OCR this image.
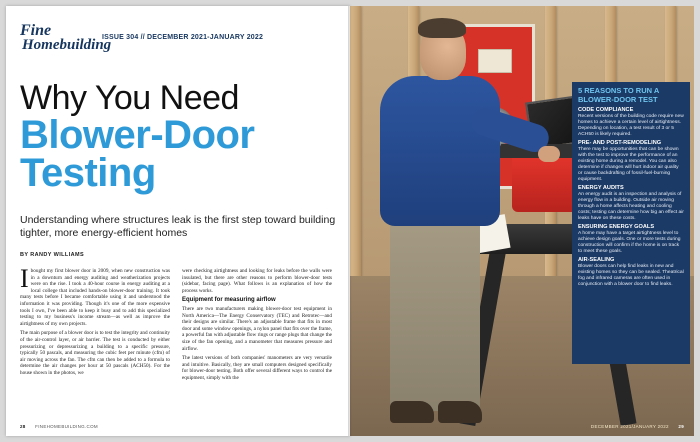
Fine
Homebuilding
ISSUE 304 // DECEMBER 2021-JANUARY 2022
Why You Need
Blower-Door
Testing

Understanding where structures leak is the first step toward building tighter, more energy-efficient homes

BY RANDY WILLIAMS

I bought my first blower door in 2009, when new construction was in a downturn and energy auditing and weatherization projects were on the rise. I took a 40-hour course in energy auditing at a local college that included hands-on blower-door training. It took many tests before I became comfortable using it and understood the information it was providing. Though it's one of the more expensive tools I own, I've been able to keep it busy and to add this specialized testing to my business's income stream—as well as improve the airtightness of my own projects.

The main purpose of a blower door is to test the integrity and continuity of the air-control layer, or air barrier. The test is conducted by either pressurizing or depressurizing a building to a specific pressure, typically 50 pascals, and measuring the cubic feet per minute (cfm) of air moving across the fan. The cfm can then be added to a formula to determine the air changes per hour at 50 pascals (ACH50). For the house shown in the photos, we

were checking airtightness and looking for leaks before the walls were insulated, but there are other reasons to perform blower-door tests (sidebar, facing page). What follows is an explanation of how the process works.

Equipment for measuring airflow

There are two manufacturers making blower-door test equipment in North America—The Energy Conservatory (TEC) and Retrotec—and their designs are similar. There's an adjustable frame that fits in most door and some window openings, a nylon panel that fits over the frame, a powerful fan with adjustable flow rings or range plugs that change the size of the fan opening, and a manometer that measures pressure and airflow.

The latest versions of both companies' manometers are very versatile and intuitive. Basically, they are small computers designed specifically for blower-door testing. Both offer several different ways to control the equipment, simply with the

28 FINEHOMEBUILDING.COM
5 REASONS TO RUN A BLOWER-DOOR TEST
CODE COMPLIANCE
Recent versions of the building code require new homes to achieve a certain level of airtightness. Depending on location, a test result of 3 or 5 ACH50 is likely required.
PRE- AND POST-REMODELING
There may be opportunities that can be shown with the test to improve the performance of an existing home during a remodel. You can also determine if changes will hurt indoor air quality or cause backdrafting of fossil-fuel-burning equipment.
ENERGY AUDITS
An energy audit is an inspection and analysis of energy flow in a building. Outside air moving through a home affects heating and cooling costs; testing can determine how big an effect air leaks have on these costs.
ENSURING ENERGY GOALS
A home may have a target airtightness level to achieve design goals. One or more tests during construction will confirm if the home is on track to meet these goals.
AIR-SEALING
Blower doors can help find leaks in new and existing homes so they can be sealed. Theatrical fog and infrared cameras are often used in conjunction with a blower door to find leaks.
DECEMBER 2021/JANUARY 2022 29
